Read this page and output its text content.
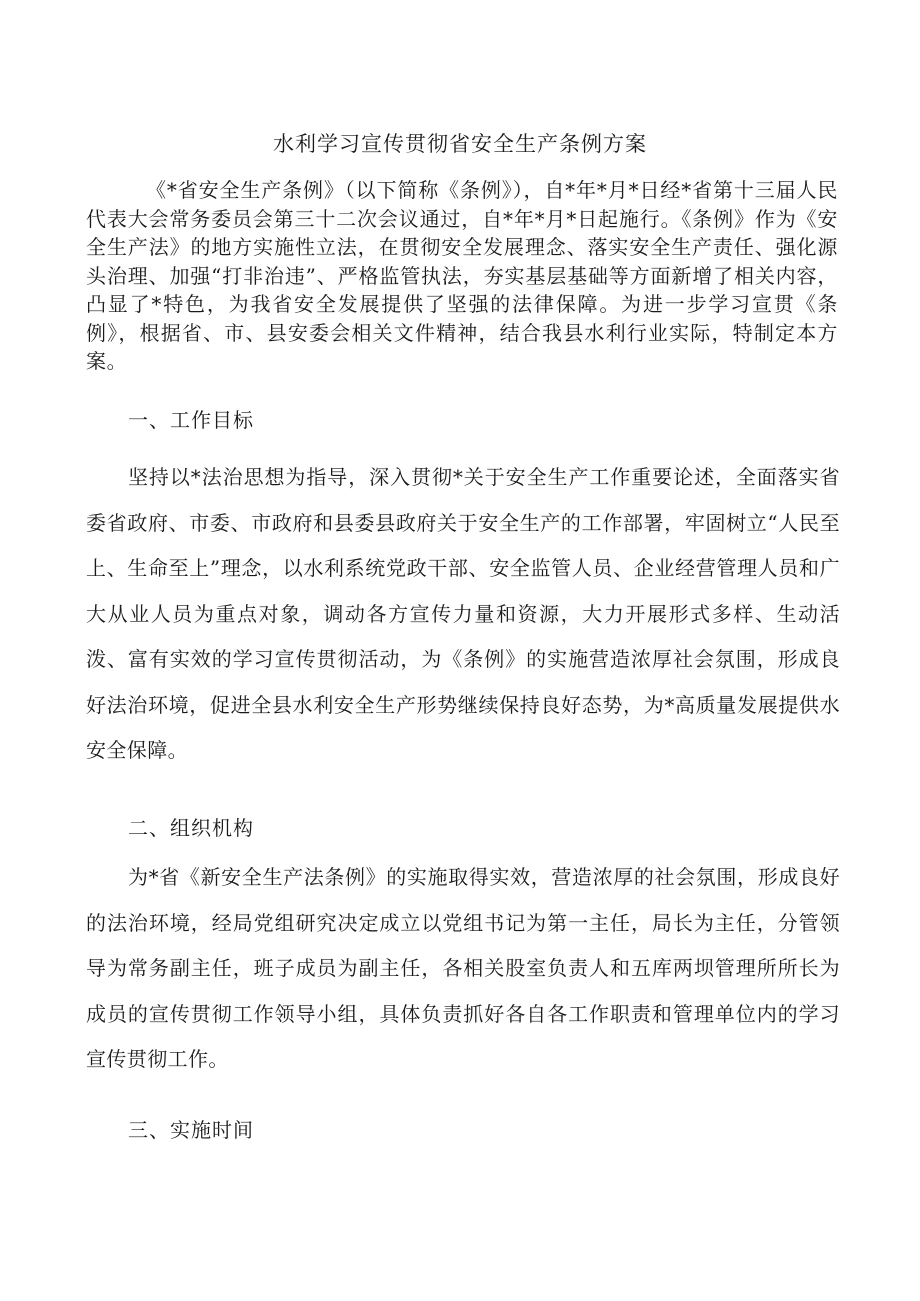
水利学习宣传贯彻省安全生产条例方案

《*省安全生产条例》（以下简称《条例》），自*年*月*日经*省第十三届人民代表大会常务委员会第三十二次会议通过，自*年*月*日起施行。《条例》作为《安全生产法》的地方实施性立法，在贯彻安全发展理念、落实安全生产责任、强化源头治理、加强“打非治违”、严格监管执法，夯实基层基础等方面新增了相关内容，凸显了*特色，为我省安全发展提供了坚强的法律保障。为进一步学习宣贯《条例》，根据省、市、县安委会相关文件精神，结合我县水利行业实际，特制定本方案。

一、工作目标

坚持以*法治思想为指导，深入贯彻*关于安全生产工作重要论述，全面落实省委省政府、市委、市政府和县委县政府关于安全生产的工作部署，牢固树立“人民至上、生命至上”理念，以水利系统党政干部、安全监管人员、企业经营管理人员和广大从业人员为重点对象，调动各方宣传力量和资源，大力开展形式多样、生动活泼、富有实效的学习宣传贯彻活动，为《条例》的实施营造浓厚社会氛围，形成良好法治环境，促进全县水利安全生产形势继续保持良好态势，为*高质量发展提供水安全保障。

二、组织机构

为*省《新安全生产法条例》的实施取得实效，营造浓厚的社会氛围，形成良好的法治环境，经局党组研究决定成立以党组书记为第一主任，局长为主任，分管领导为常务副主任，班子成员为副主任，各相关股室负责人和五库两坝管理所所长为成员的宣传贯彻工作领导小组，具体负责抓好各自各工作职责和管理单位内的学习宣传贯彻工作。

三、实施时间
